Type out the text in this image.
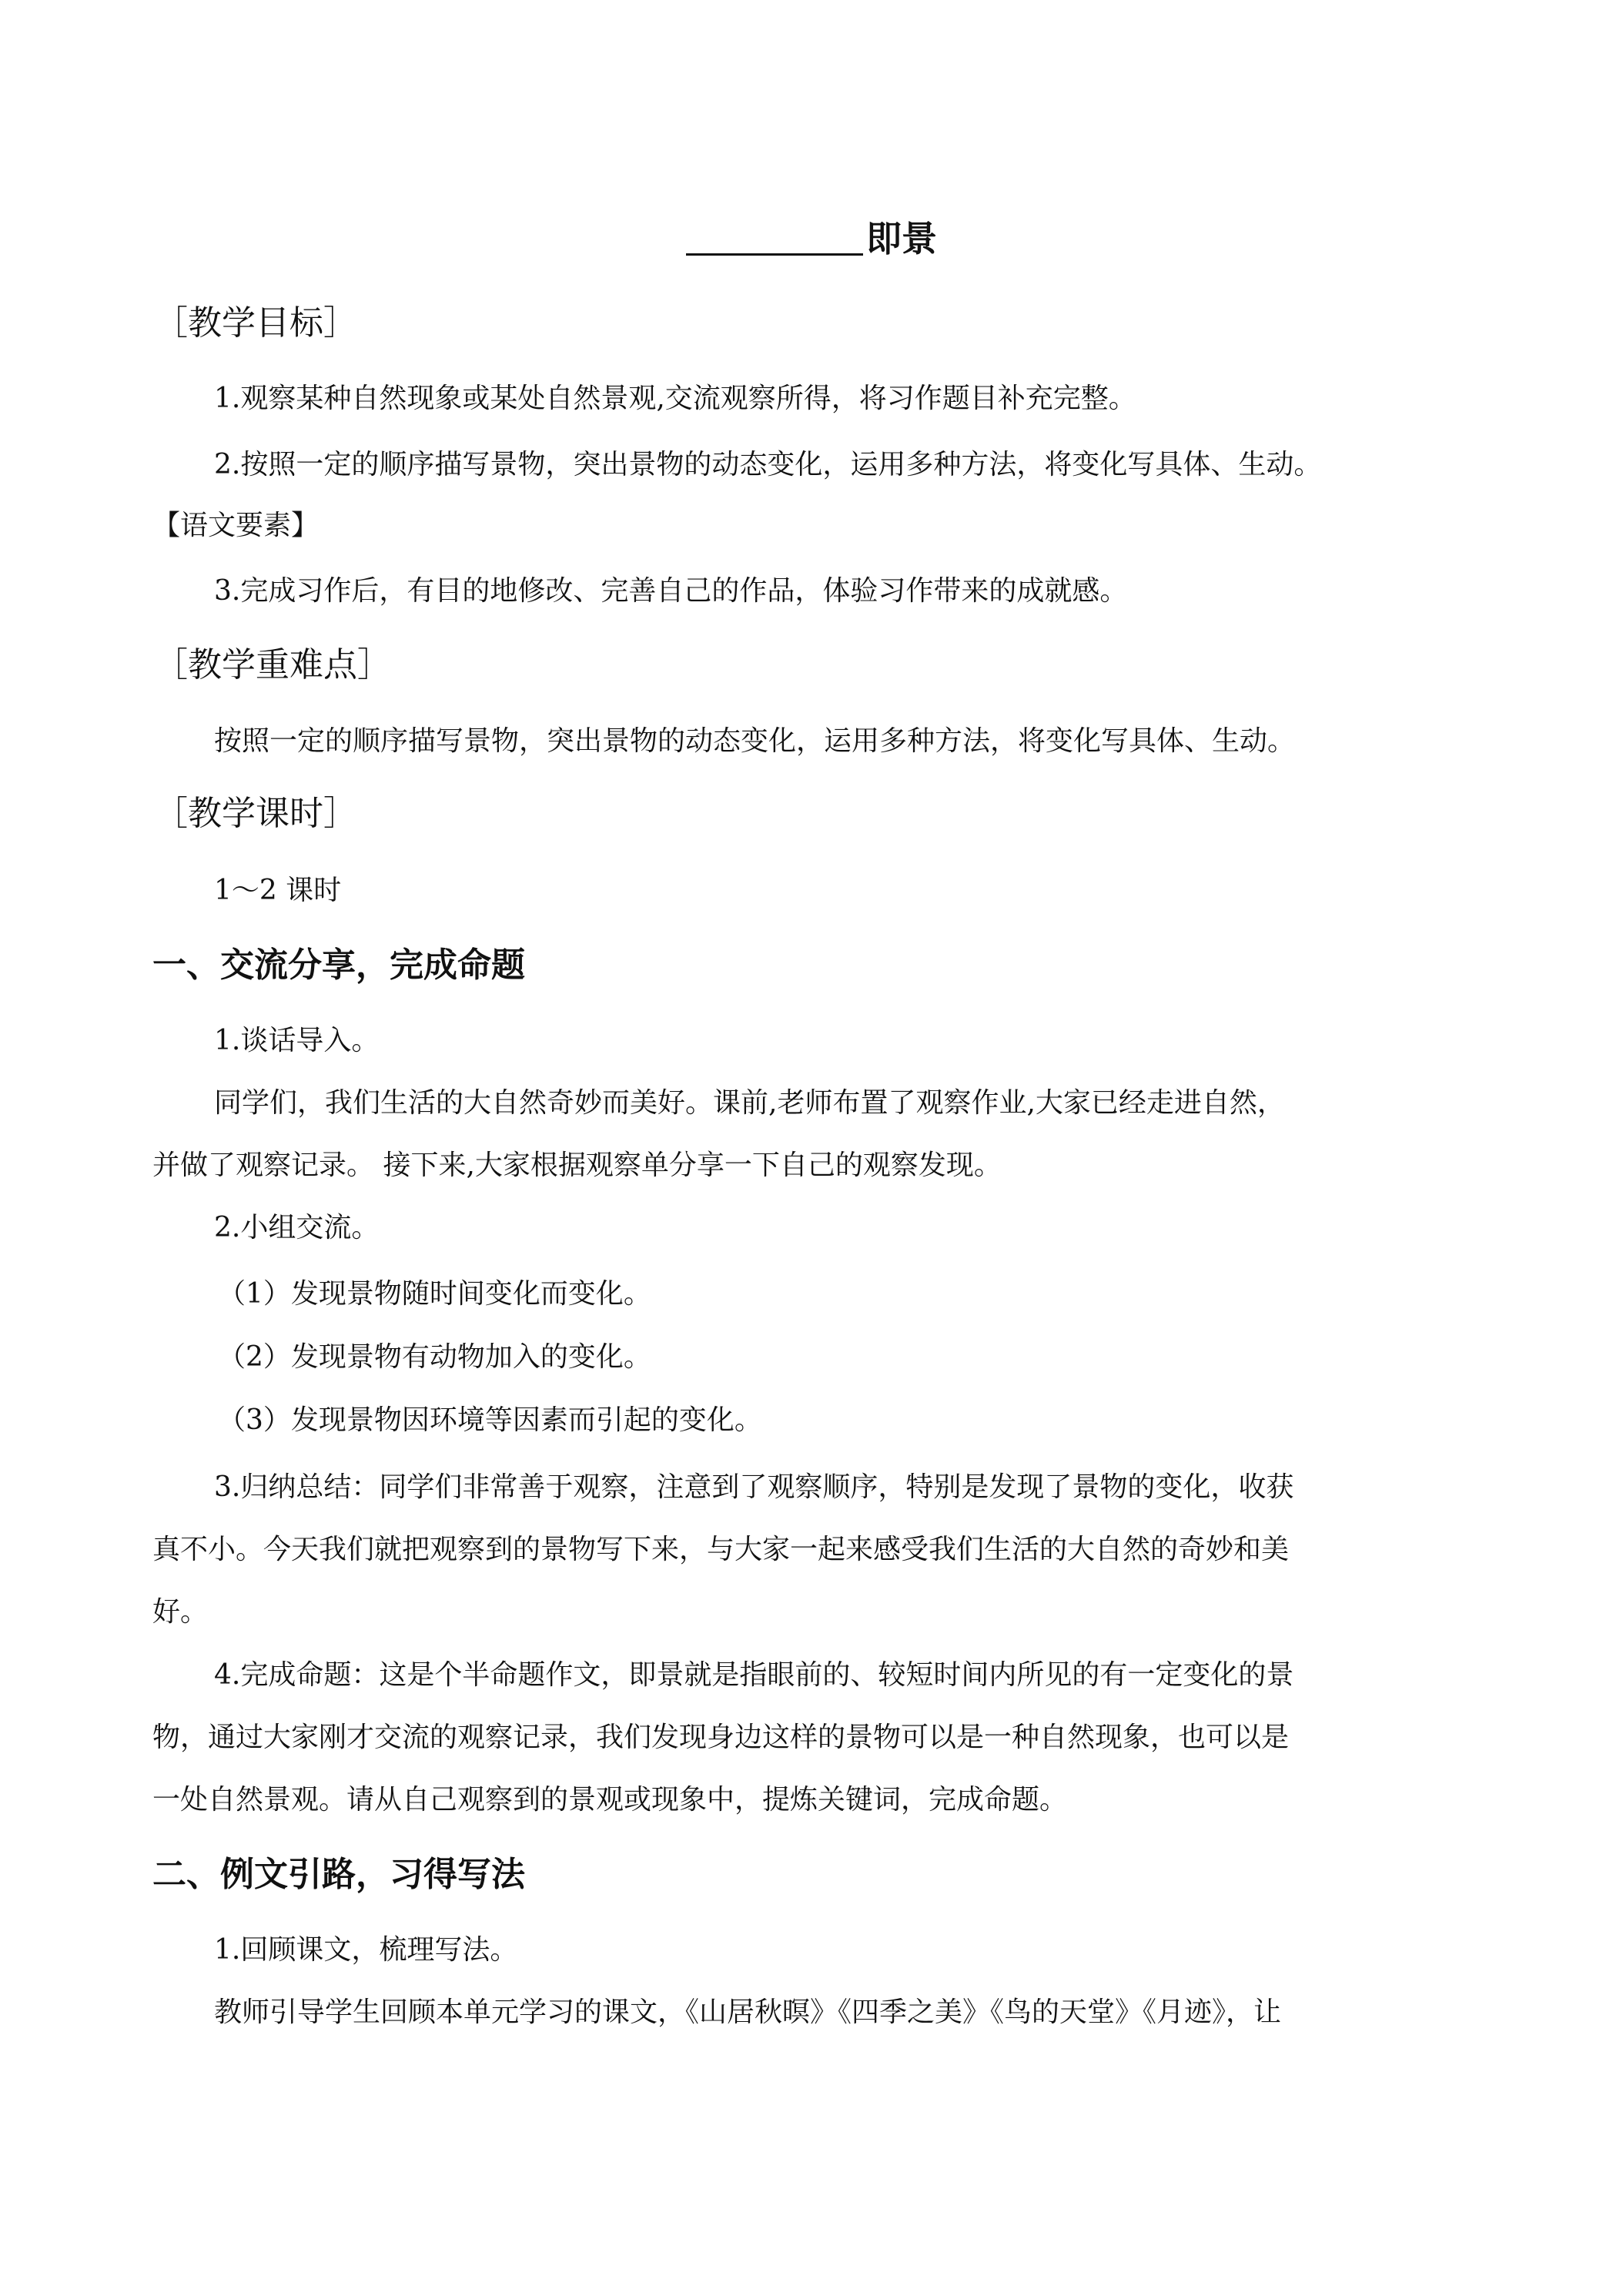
即景
［教学目标］
1.观察某种自然现象或某处自然景观,交流观察所得，将习作题目补充完整。
2.按照一定的顺序描写景物，突出景物的动态变化，运用多种方法，将变化写具体、生动。
【语文要素】
3.完成习作后，有目的地修改、完善自己的作品，体验习作带来的成就感。
［教学重难点］
按照一定的顺序描写景物，突出景物的动态变化，运用多种方法，将变化写具体、生动。
［教学课时］
1～2 课时
一、交流分享，完成命题
1.谈话导入。
同学们，我们生活的大自然奇妙而美好。课前,老师布置了观察作业,大家已经走进自然，
并做了观察记录。 接下来,大家根据观察单分享一下自己的观察发现。
2.小组交流。
（1）发现景物随时间变化而变化。
（2）发现景物有动物加入的变化。
（3）发现景物因环境等因素而引起的变化。
3.归纳总结：同学们非常善于观察，注意到了观察顺序，特别是发现了景物的变化，收获
真不小。今天我们就把观察到的景物写下来，与大家一起来感受我们生活的大自然的奇妙和美
好。
4.完成命题：这是个半命题作文，即景就是指眼前的、较短时间内所见的有一定变化的景
物，通过大家刚才交流的观察记录，我们发现身边这样的景物可以是一种自然现象，也可以是
一处自然景观。请从自己观察到的景观或现象中，提炼关键词，完成命题。
二、例文引路，习得写法
1.回顾课文，梳理写法。
教师引导学生回顾本单元学习的课文，《山居秋暝》《四季之美》《鸟的天堂》《月迹》，让
